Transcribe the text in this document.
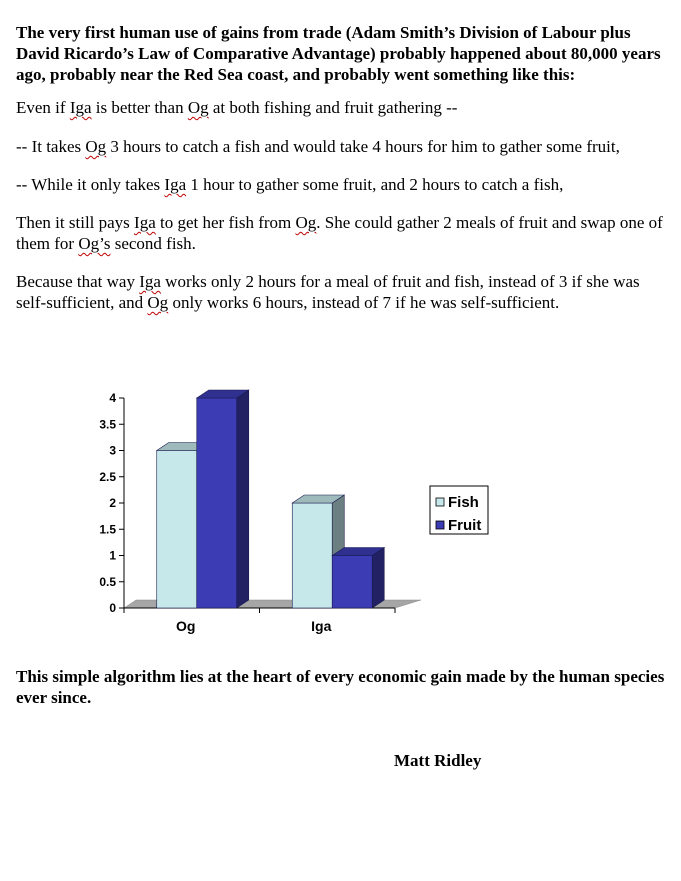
The very first human use of gains from trade (Adam Smith’s Division of Labour plus David Ricardo’s Law of Comparative Advantage) probably happened about 80,000 years ago, probably near the Red Sea coast, and probably went something like this:

Even if Iga is better than Og at both fishing and fruit gathering --

-- It takes Og 3 hours to catch a fish and would take 4 hours for him to gather some fruit,

-- While it only takes Iga 1 hour to gather some fruit, and 2 hours to catch a fish,

Then it still pays Iga to get her fish from Og. She could gather 2 meals of fruit and swap one of them for Og’s second fish.

Because that way Iga works only 2 hours for a meal of fruit and fish, instead of 3 if she was self-sufficient, and Og only works 6 hours, instead of 7 if he was self-sufficient.

0
0.5
1
1.5
2
2.5
3
3.5
4
Og	Iga
Fish
Fruit

This simple algorithm lies at the heart of every economic gain made by the human species ever since.

Matt Ridley
